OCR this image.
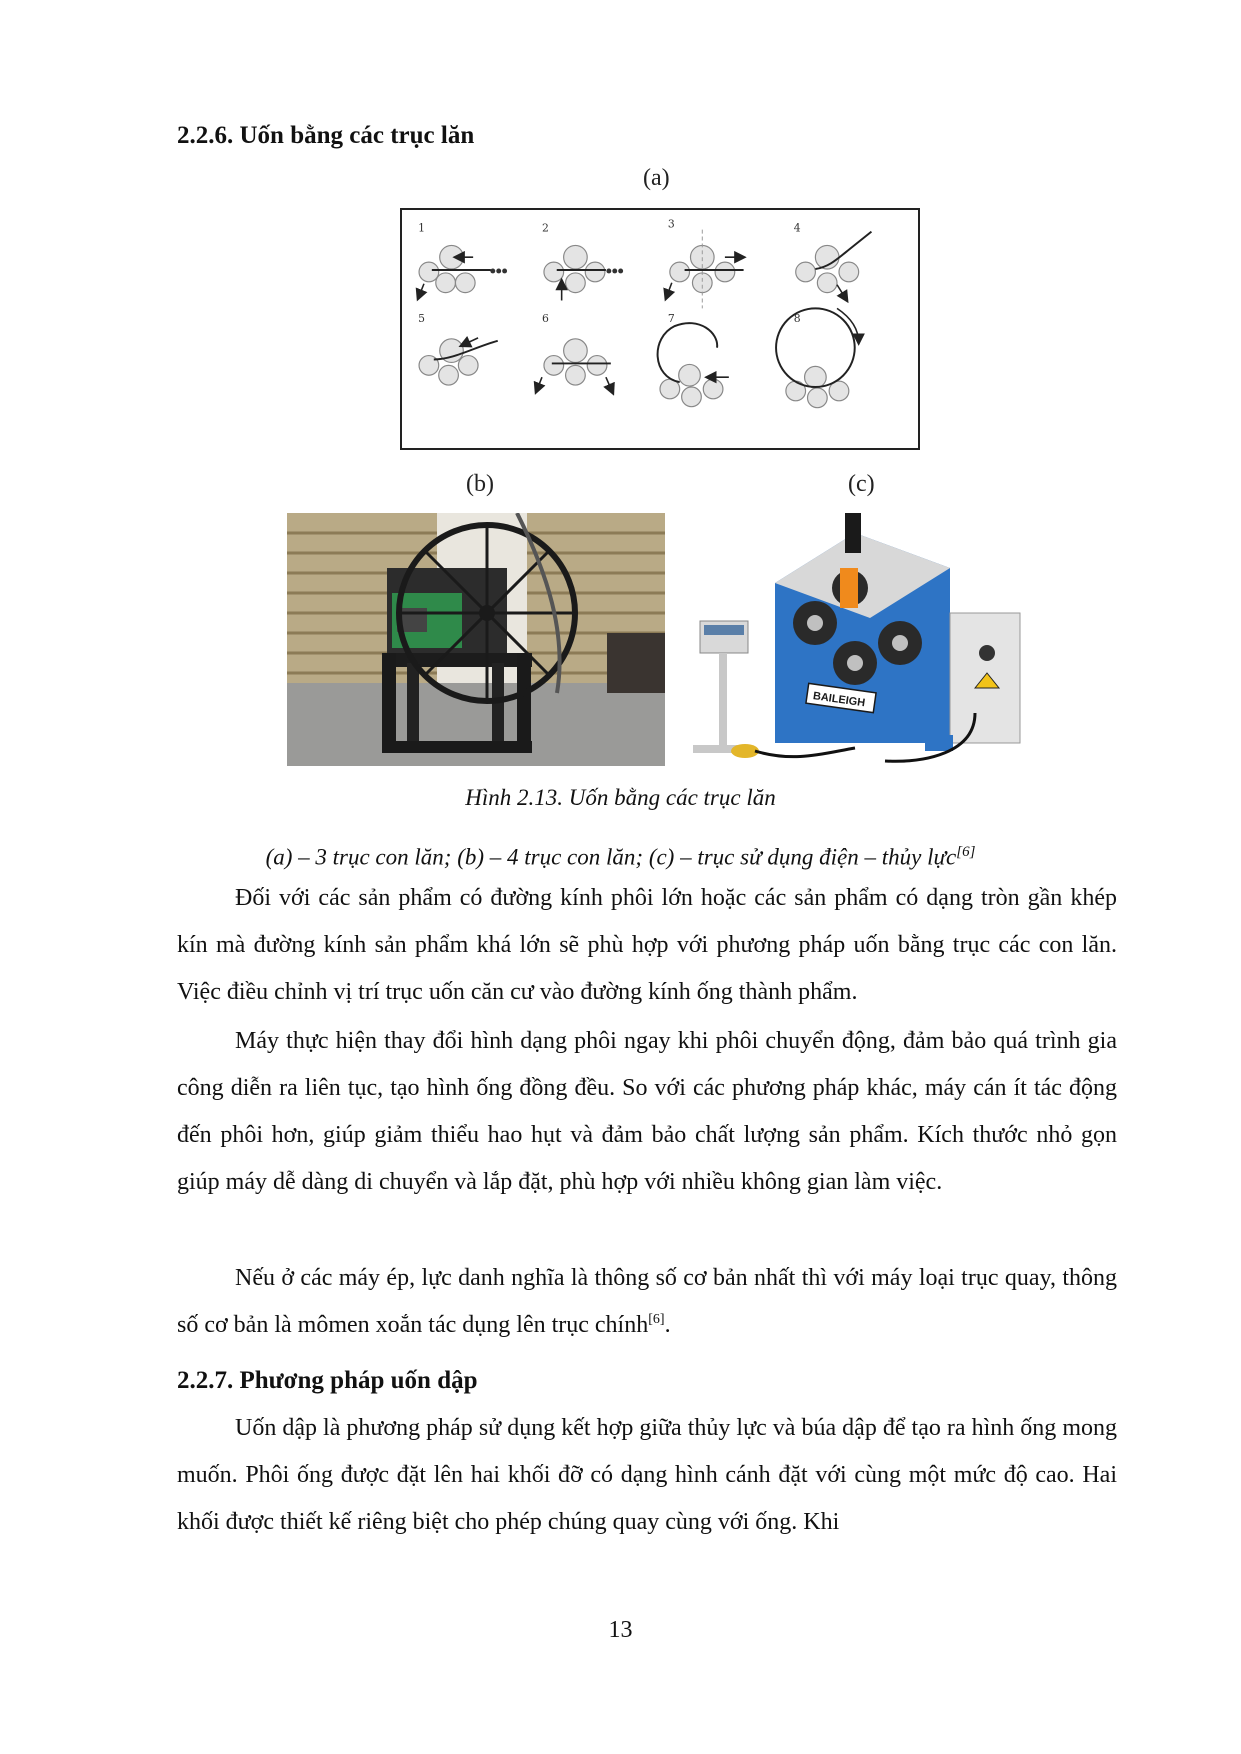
2.2.6. Uốn bằng các trục lăn
(a)
1	2	3	4
5	6	7	8
(b)	(c)
BAILEIGH
Hình 2.13. Uốn bằng các trục lăn
(a) – 3 trục con lăn; (b) – 4 trục con lăn; (c) – trục sử dụng điện – thủy lực[6]

Đối với các sản phẩm có đường kính phôi lớn hoặc các sản phẩm có dạng tròn gần khép kín mà đường kính sản phẩm khá lớn sẽ phù hợp với phương pháp uốn bằng trục các con lăn. Việc điều chỉnh vị trí trục uốn căn cư vào đường kính ống thành phẩm.

Máy thực hiện thay đổi hình dạng phôi ngay khi phôi chuyển động, đảm bảo quá trình gia công diễn ra liên tục, tạo hình ống đồng đều. So với các phương pháp khác, máy cán ít tác động đến phôi hơn, giúp giảm thiểu hao hụt và đảm bảo chất lượng sản phẩm. Kích thước nhỏ gọn giúp máy dễ dàng di chuyển và lắp đặt, phù hợp với nhiều không gian làm việc.

Nếu ở các máy ép, lực danh nghĩa là thông số cơ bản nhất thì với máy loại trục quay, thông số cơ bản là mômen xoắn tác dụng lên trục chính[6].

2.2.7. Phương pháp uốn dập

Uốn dập là phương pháp sử dụng kết hợp giữa thủy lực và búa dập để tạo ra hình ống mong muốn. Phôi ống được đặt lên hai khối đỡ có dạng hình cánh đặt với cùng một mức độ cao. Hai khối được thiết kế riêng biệt cho phép chúng quay cùng với ống. Khi

13
